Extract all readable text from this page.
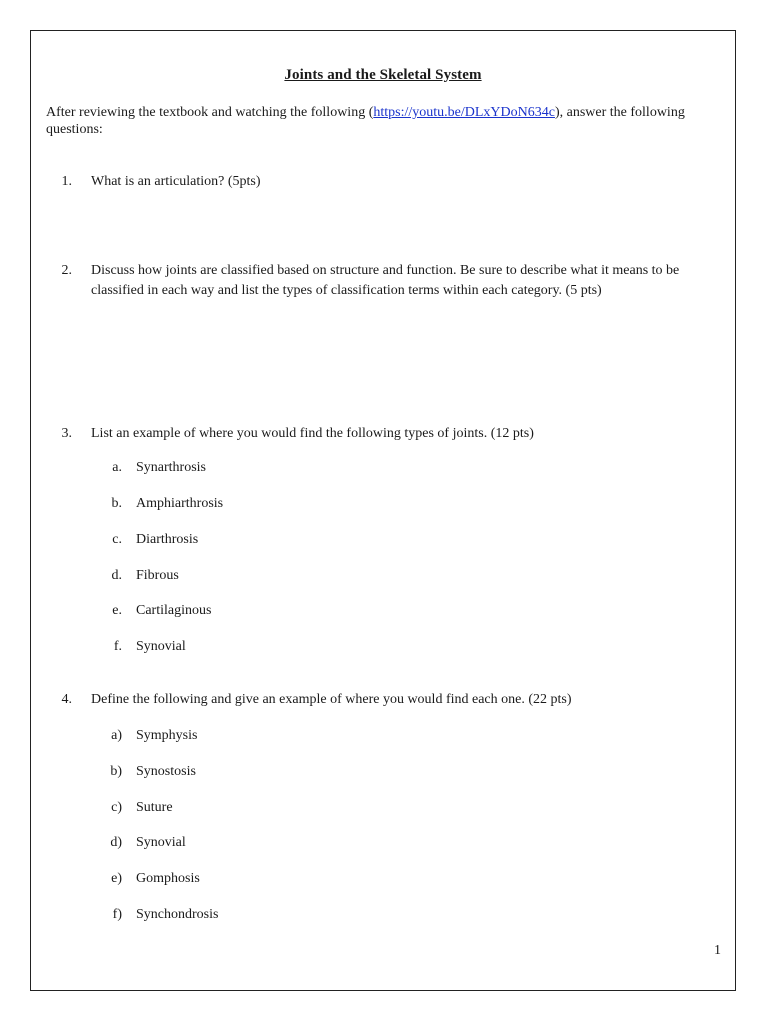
Joints and the Skeletal System
After reviewing the textbook and watching the following (https://youtu.be/DLxYDoN634c), answer the following questions:
1. What is an articulation? (5pts)
2. Discuss how joints are classified based on structure and function. Be sure to describe what it means to be classified in each way and list the types of classification terms within each category. (5 pts)
3. List an example of where you would find the following types of joints. (12 pts)
a. Synarthrosis
b. Amphiarthrosis
c. Diarthrosis
d. Fibrous
e. Cartilaginous
f. Synovial
4. Define the following and give an example of where you would find each one. (22 pts)
a) Symphysis
b) Synostosis
c) Suture
d) Synovial
e) Gomphosis
f) Synchondrosis
1
